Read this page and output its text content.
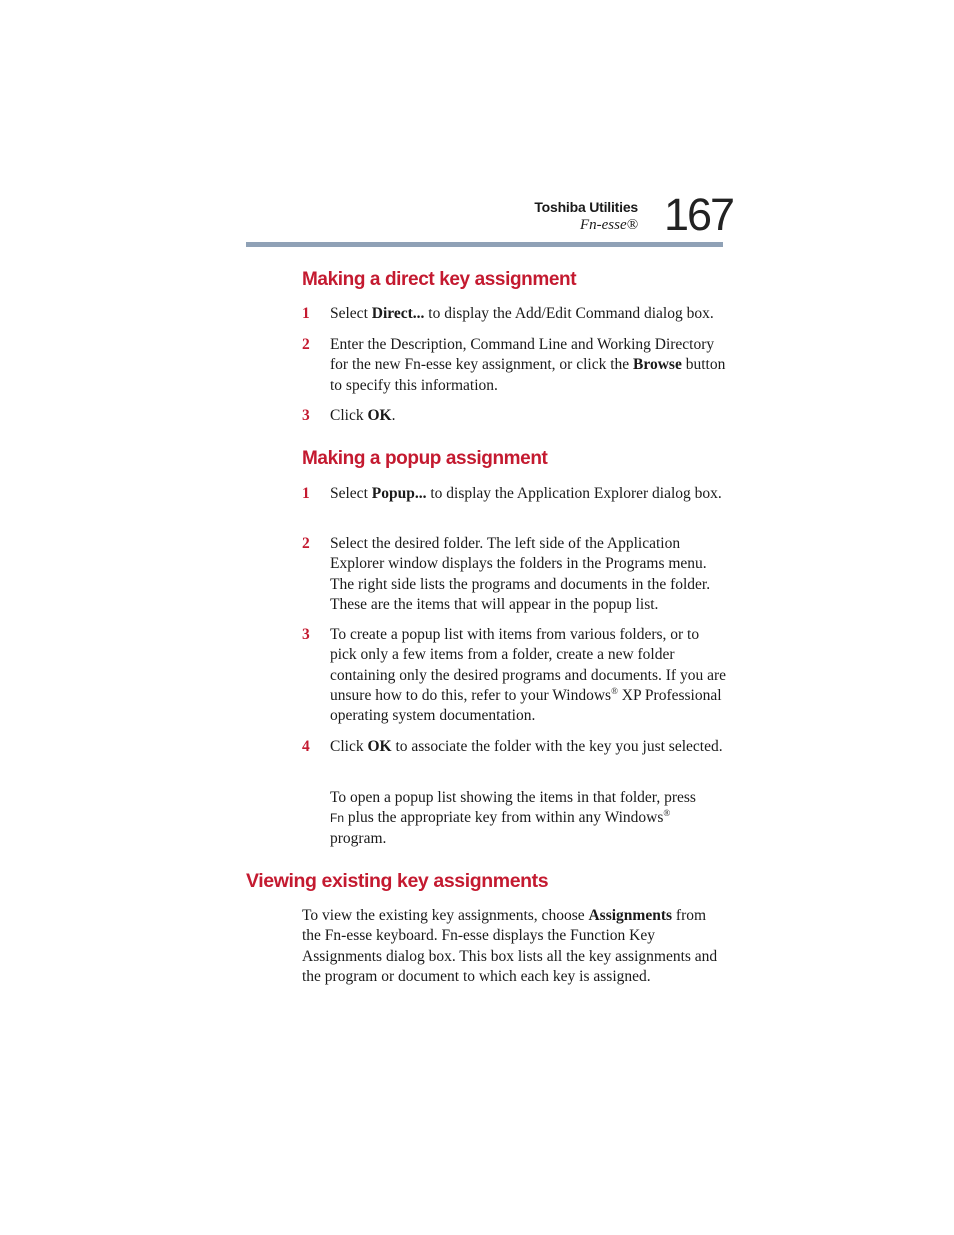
Toshiba Utilities
Fn-esse® 167
Making a direct key assignment
1 Select Direct... to display the Add/Edit Command dialog box.
2 Enter the Description, Command Line and Working Directory for the new Fn-esse key assignment, or click the Browse button to specify this information.
3 Click OK.
Making a popup assignment
1 Select Popup... to display the Application Explorer dialog box.
2 Select the desired folder. The left side of the Application Explorer window displays the folders in the Programs menu. The right side lists the programs and documents in the folder. These are the items that will appear in the popup list.
3 To create a popup list with items from various folders, or to pick only a few items from a folder, create a new folder containing only the desired programs and documents. If you are unsure how to do this, refer to your Windows® XP Professional operating system documentation.
4 Click OK to associate the folder with the key you just selected.
To open a popup list showing the items in that folder, press Fn plus the appropriate key from within any Windows® program.
Viewing existing key assignments
To view the existing key assignments, choose Assignments from the Fn-esse keyboard. Fn-esse displays the Function Key Assignments dialog box. This box lists all the key assignments and the program or document to which each key is assigned.
